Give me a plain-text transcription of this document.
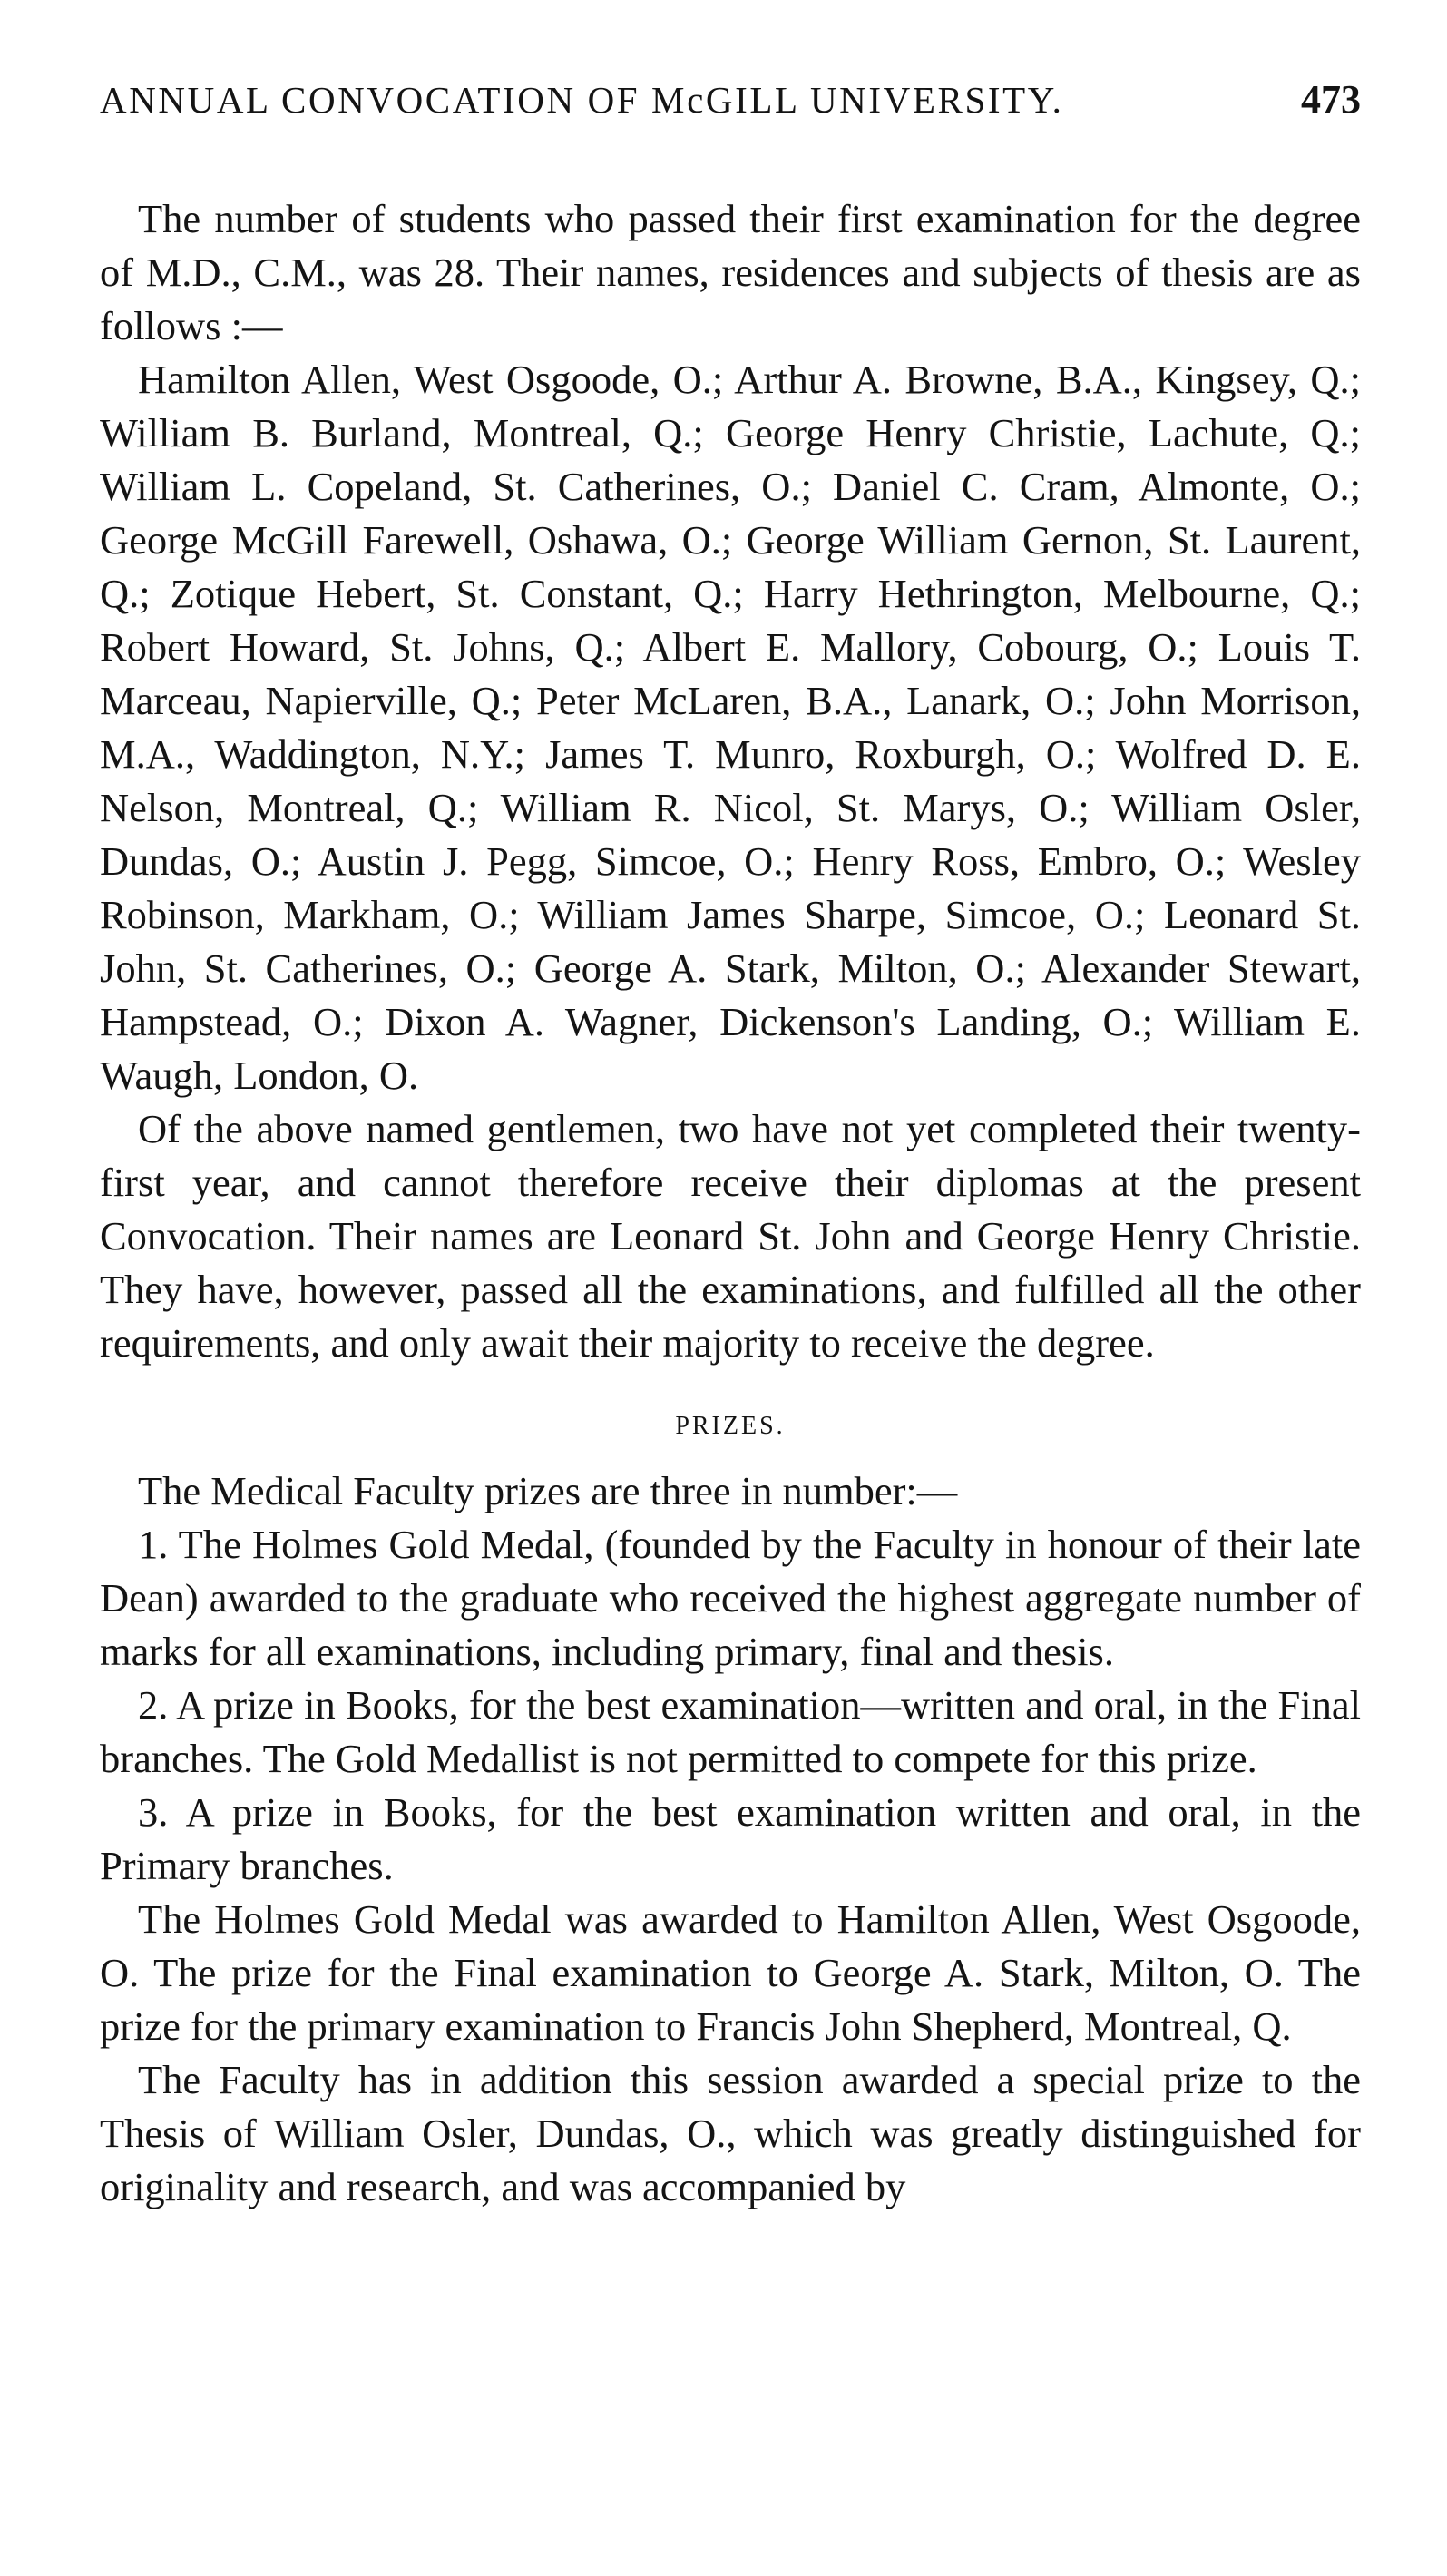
ANNUAL CONVOCATION OF McGILL UNIVERSITY.	473

The number of students who passed their first examination for the degree of M.D., C.M., was 28. Their names, residences and subjects of thesis are as follows :—

Hamilton Allen, West Osgoode, O.; Arthur A. Browne, B.A., Kingsey, Q.; William B. Burland, Montreal, Q.; George Henry Christie, Lachute, Q.; William L. Copeland, St. Catherines, O.; Daniel C. Cram, Almonte, O.; George McGill Farewell, Oshawa, O.; George William Gernon, St. Laurent, Q.; Zotique Hebert, St. Constant, Q.; Harry Hethrington, Melbourne, Q.; Robert Howard, St. Johns, Q.; Albert E. Mallory, Cobourg, O.; Louis T. Marceau, Napierville, Q.; Peter McLaren, B.A., Lanark, O.; John Morrison, M.A., Waddington, N.Y.; James T. Munro, Roxburgh, O.; Wolfred D. E. Nelson, Montreal, Q.; William R. Nicol, St. Marys, O.; William Osler, Dundas, O.; Austin J. Pegg, Simcoe, O.; Henry Ross, Embro, O.; Wesley Robinson, Markham, O.; William James Sharpe, Simcoe, O.; Leonard St. John, St. Catherines, O.; George A. Stark, Milton, O.; Alexander Stewart, Hampstead, O.; Dixon A. Wagner, Dickenson's Landing, O.; William E. Waugh, London, O.

Of the above named gentlemen, two have not yet completed their twenty-first year, and cannot therefore receive their diplomas at the present Convocation. Their names are Leonard St. John and George Henry Christie. They have, however, passed all the examinations, and fulfilled all the other requirements, and only await their majority to receive the degree.

PRIZES.

The Medical Faculty prizes are three in number:—

1. The Holmes Gold Medal, (founded by the Faculty in honour of their late Dean) awarded to the graduate who received the highest aggregate number of marks for all examinations, including primary, final and thesis.

2. A prize in Books, for the best examination—written and oral, in the Final branches. The Gold Medallist is not permitted to compete for this prize.

3. A prize in Books, for the best examination written and oral, in the Primary branches.

The Holmes Gold Medal was awarded to Hamilton Allen, West Osgoode, O. The prize for the Final examination to George A. Stark, Milton, O. The prize for the primary examination to Francis John Shepherd, Montreal, Q.

The Faculty has in addition this session awarded a special prize to the Thesis of William Osler, Dundas, O., which was greatly distinguished for originality and research, and was accompanied by
